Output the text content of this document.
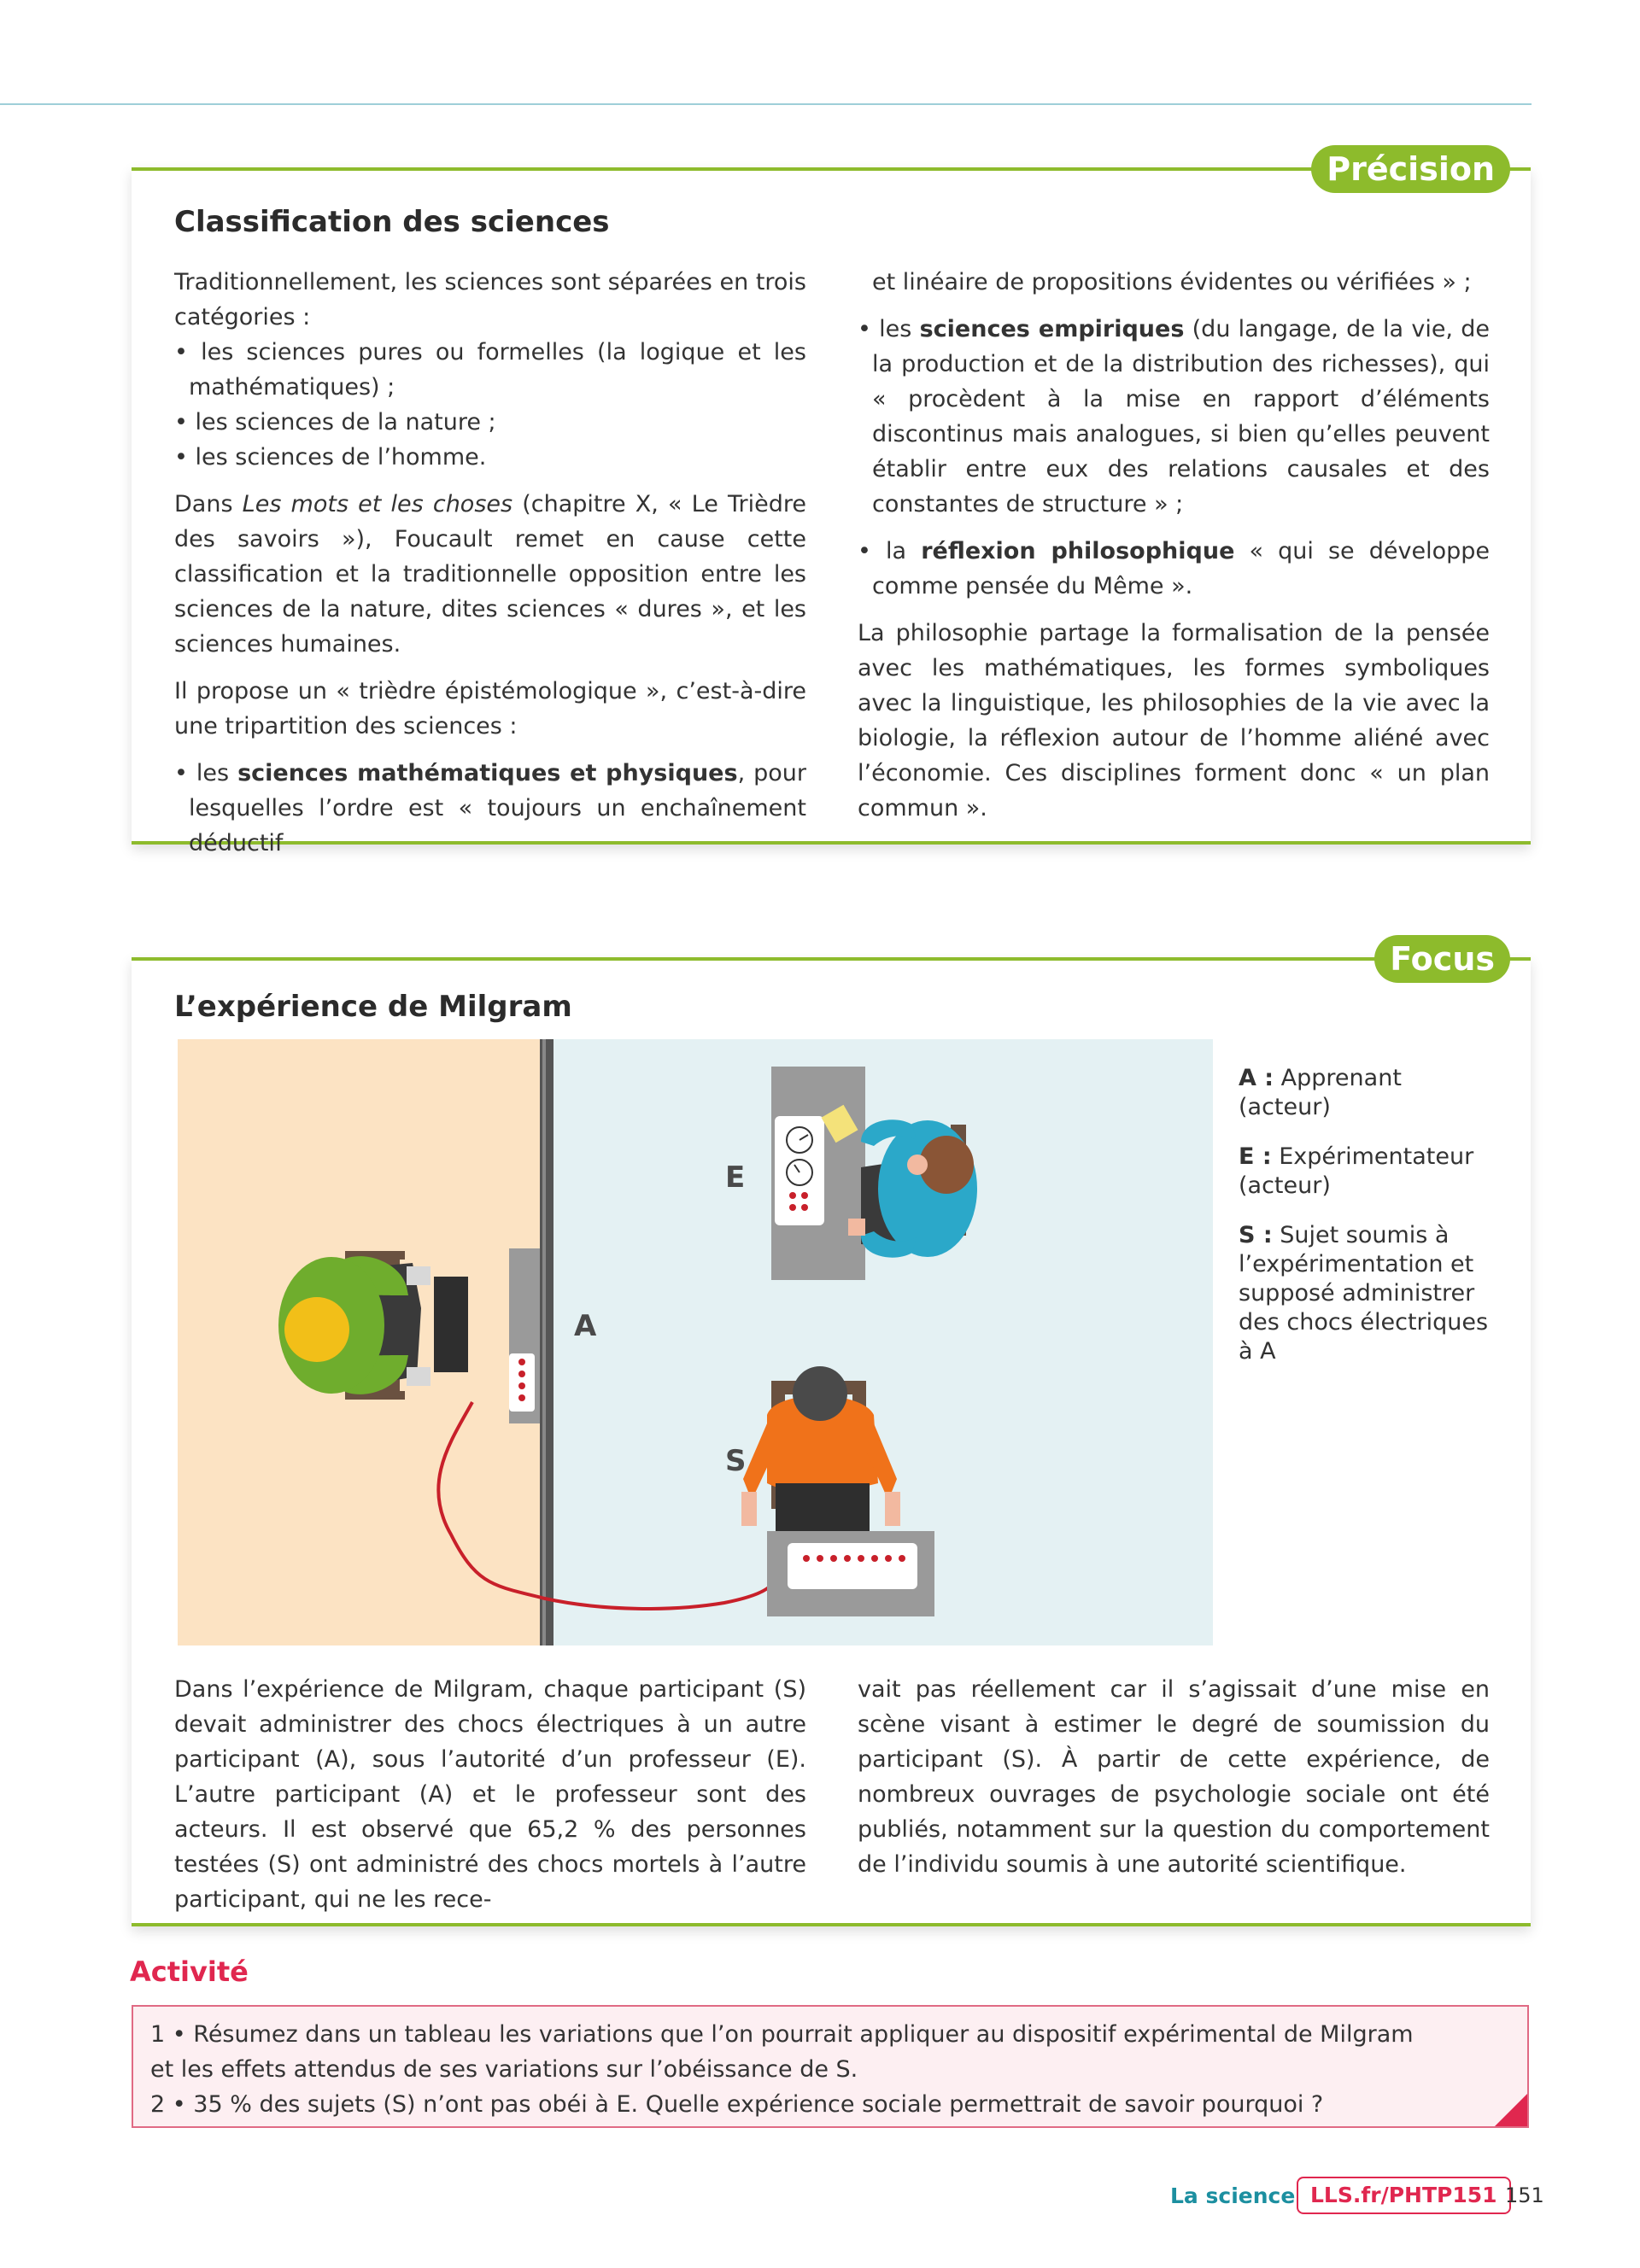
Précision
Classification des sciences

Traditionnellement, les sciences sont séparées en trois catégories :

• les sciences pures ou formelles (la logique et les mathématiques) ;

• les sciences de la nature ;

• les sciences de l’homme.

Dans Les mots et les choses (chapitre X, « Le Trièdre des savoirs »), Foucault remet en cause cette classification et la traditionnelle opposition entre les sciences de la nature, dites sciences « dures », et les sciences humaines.

Il propose un « trièdre épistémologique », c’est-à-dire une tripartition des sciences :

• les sciences mathématiques et physiques, pour lesquelles l’ordre est « toujours un enchaînement déductif

et linéaire de propositions évidentes ou vérifiées » ;

• les sciences empiriques (du langage, de la vie, de la production et de la distribution des richesses), qui « procèdent à la mise en rapport d’éléments discontinus mais analogues, si bien qu’elles peuvent établir entre eux des relations causales et des constantes de structure » ;

• la réflexion philosophique « qui se développe comme pensée du Même ».

La philosophie partage la formalisation de la pensée avec les mathématiques, les formes symboliques avec la linguistique, les philosophies de la vie avec la biologie, la réflexion autour de l’homme aliéné avec l’économie. Ces disciplines forment donc « un plan commun ».

Focus
L’expérience de Milgram
E
A
S

A : Apprenant (acteur)

E : Expérimentateur (acteur)

S : Sujet soumis à l’expérimentation et supposé administrer des chocs électriques à A

Dans l’expérience de Milgram, chaque participant (S) devait administrer des chocs électriques à un autre participant (A), sous l’autorité d’un professeur (E). L’autre participant (A) et le professeur sont des acteurs. Il est observé que 65,2 % des personnes testées (S) ont administré des chocs mortels à l’autre participant, qui ne les rece-
vait pas réellement car il s’agissait d’une mise en scène visant à estimer le degré de soumission du participant (S). À partir de cette expérience, de nombreux ouvrages de psychologie sociale ont été publiés, notamment sur la question du comportement de l’individu soumis à une autorité scientifique.
Activité

1 • Résumez dans un tableau les variations que l’on pourrait appliquer au dispositif expérimental de Milgram

et les effets attendus de ses variations sur l’obéissance de S.

2 • 35 % des sujets (S) n’ont pas obéi à E. Quelle expérience sociale permettrait de savoir pourquoi ?

La science LLS.fr/PHTP151 151
